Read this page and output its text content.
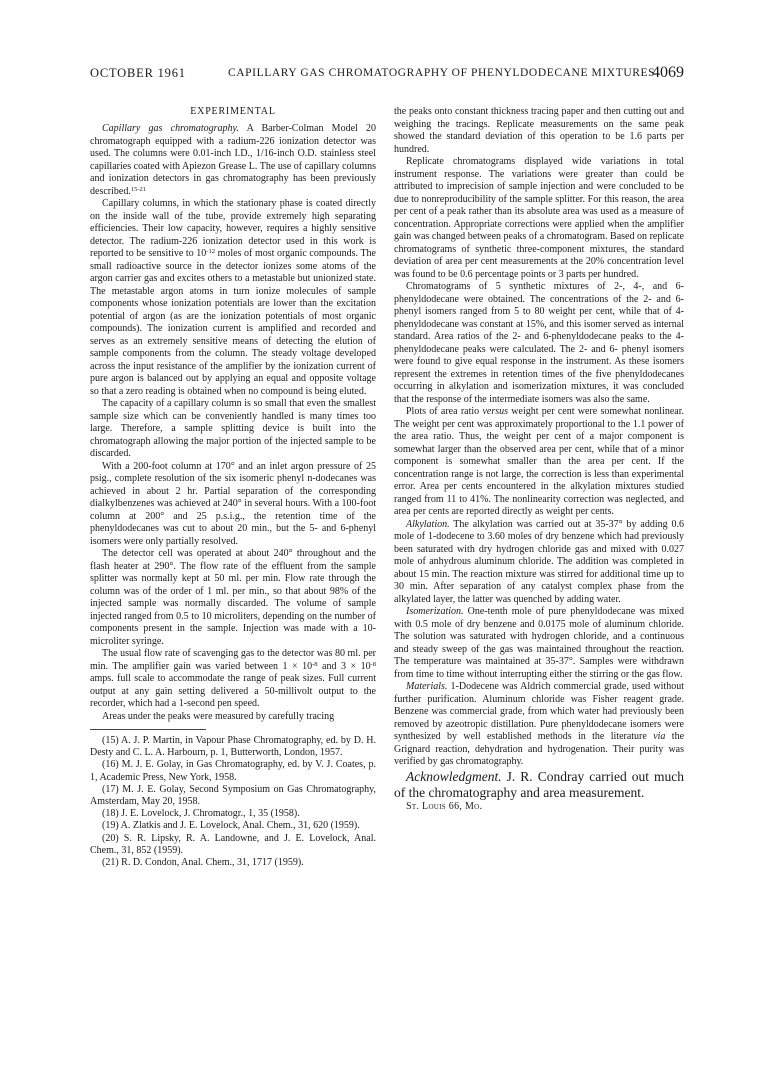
OCTOBER 1961	CAPILLARY GAS CHROMATOGRAPHY OF PHENYLDODECANE MIXTURES
4069
EXPERIMENTAL

Capillary gas chromatography. A Barber-Colman Model 20 chromatograph equipped with a radium-226 ionization detector was used. The columns were 0.01-inch I.D., 1/16-inch O.D. stainless steel capillaries coated with Apiezon Grease L. The use of capillary columns and ionization detectors in gas chromatography has been previously described.$^{15-21}$

Capillary columns, in which the stationary phase is coated directly on the inside wall of the tube, provide extremely high separating efficiencies. Their low capacity, however, requires a highly sensitive detector. The radium-226 ionization detector used in this work is reported to be sensitive to $10^{-12}$ moles of most organic compounds. The small radioactive source in the detector ionizes some atoms of the argon carrier gas and excites others to a metastable but unionized state. The metastable argon atoms in turn ionize molecules of sample components whose ionization potentials are lower than the excitation potential of argon (as are the ionization potentials of most organic compounds). The ionization current is amplified and recorded and serves as an extremely sensitive means of detecting the elution of sample components from the column. The steady voltage developed across the input resistance of the amplifier by the ionization current of pure argon is balanced out by applying an equal and opposite voltage so that a zero reading is obtained when no compound is being eluted.

The capacity of a capillary column is so small that even the smallest sample size which can be conveniently handled is many times too large. Therefore, a sample splitting device is built into the chromatograph allowing the major portion of the injected sample to be discarded.

With a 200-foot column at 170° and an inlet argon pressure of 25 psig., complete resolution of the six isomeric phenyl n-dodecanes was achieved in about 2 hr. Partial separation of the corresponding dialkylbenzenes was achieved at 240° in several hours. With a 100-foot column at 200° and 25 p.s.i.g., the retention time of the phenyldodecanes was cut to about 20 min., but the 5- and 6-phenyl isomers were only partially resolved.

The detector cell was operated at about 240° throughout and the flash heater at 290°. The flow rate of the effluent from the sample splitter was normally kept at 50 ml. per min. Flow rate through the column was of the order of 1 ml. per min., so that about 98% of the injected sample was normally discarded. The volume of sample injected ranged from 0.5 to 10 microliters, depending on the number of components present in the sample. Injection was made with a 10-microliter syringe.

The usual flow rate of scavenging gas to the detector was 80 ml. per min. The amplifier gain was varied between $1 \times 10^{-8}$ and $3 \times 10^{-8}$ amps. full scale to accommodate the range of peak sizes. Full current output at any gain setting delivered a 50-millivolt output to the recorder, which had a 1-second pen speed.

Areas under the peaks were measured by carefully tracing

(15) A. J. P. Martin, in Vapour Phase Chromatography, ed. by D. H. Desty and C. L. A. Harbourn, p. 1, Butterworth, London, 1957.

(16) M. J. E. Golay, in Gas Chromatography, ed. by V. J. Coates, p. 1, Academic Press, New York, 1958.

(17) M. J. E. Golay, Second Symposium on Gas Chromatography, Amsterdam, May 20, 1958.

(18) J. E. Lovelock, J. Chromatogr., 1, 35 (1958).

(19) A. Zlatkis and J. E. Lovelock, Anal. Chem., 31, 620 (1959).

(20) S. R. Lipsky, R. A. Landowne, and J. E. Lovelock, Anal. Chem., 31, 852 (1959).

(21) R. D. Condon, Anal. Chem., 31, 1717 (1959).

the peaks onto constant thickness tracing paper and then cutting out and weighing the tracings. Replicate measurements on the same peak showed the standard deviation of this operation to be 1.6 parts per hundred.

Replicate chromatograms displayed wide variations in total instrument response. The variations were greater than could be attributed to imprecision of sample injection and were concluded to be due to nonreproducibility of the sample splitter. For this reason, the area per cent of a peak rather than its absolute area was used as a measure of concentration. Appropriate corrections were applied when the amplifier gain was changed between peaks of a chromatogram. Based on replicate chromatograms of synthetic three-component mixtures, the standard deviation of area per cent measurements at the 20% concentration level was found to be 0.6 percentage points or 3 parts per hundred.

Chromatograms of 5 synthetic mixtures of 2-, 4-, and 6-phenyldodecane were obtained. The concentrations of the 2- and 6-phenyl isomers ranged from 5 to 80 weight per cent, while that of 4-phenyldodecane was constant at 15%, and this isomer served as internal standard. Area ratios of the 2- and 6-phenyldodecane peaks to the 4-phenyldodecane peaks were calculated. The 2- and 6- phenyl isomers were found to give equal response in the instrument. As these isomers represent the extremes in retention times of the five phenyldodecanes occurring in alkylation and isomerization mixtures, it was concluded that the response of the intermediate isomers was also the same.

Plots of area ratio versus weight per cent were somewhat nonlinear. The weight per cent was approximately proportional to the 1.1 power of the area ratio. Thus, the weight per cent of a major component is somewhat larger than the observed area per cent, while that of a minor component is somewhat smaller than the area per cent. If the concentration range is not large, the correction is less than experimental error. Area per cents encountered in the alkylation mixtures studied ranged from 11 to 41%. The nonlinearity correction was neglected, and area per cents are reported directly as weight per cents.

Alkylation. The alkylation was carried out at 35-37° by adding 0.6 mole of 1-dodecene to 3.60 moles of dry benzene which had previously been saturated with dry hydrogen chloride gas and mixed with 0.027 mole of anhydrous aluminum chloride. The addition was completed in about 15 min. The reaction mixture was stirred for additional time up to 30 min. After separation of any catalyst complex phase from the alkylated layer, the latter was quenched by adding water.

Isomerization. One-tenth mole of pure phenyldodecane was mixed with 0.5 mole of dry benzene and 0.0175 mole of aluminum chloride. The solution was saturated with hydrogen chloride, and a continuous and steady sweep of the gas was maintained throughout the reaction. The temperature was maintained at 35-37°. Samples were withdrawn from time to time without interrupting either the stirring or the gas flow.

Materials. 1-Dodecene was Aldrich commercial grade, used without further purification. Aluminum chloride was Fisher reagent grade. Benzene was commercial grade, from which water had previously been removed by azeotropic distillation. Pure phenyldodecane isomers were synthesized by well established methods in the literature via the Grignard reaction, dehydration and hydrogenation. Their purity was verified by gas chromatography.

Acknowledgment. J. R. Condray carried out much of the chromatography and area measurement.

St. Louis 66, Mo.
